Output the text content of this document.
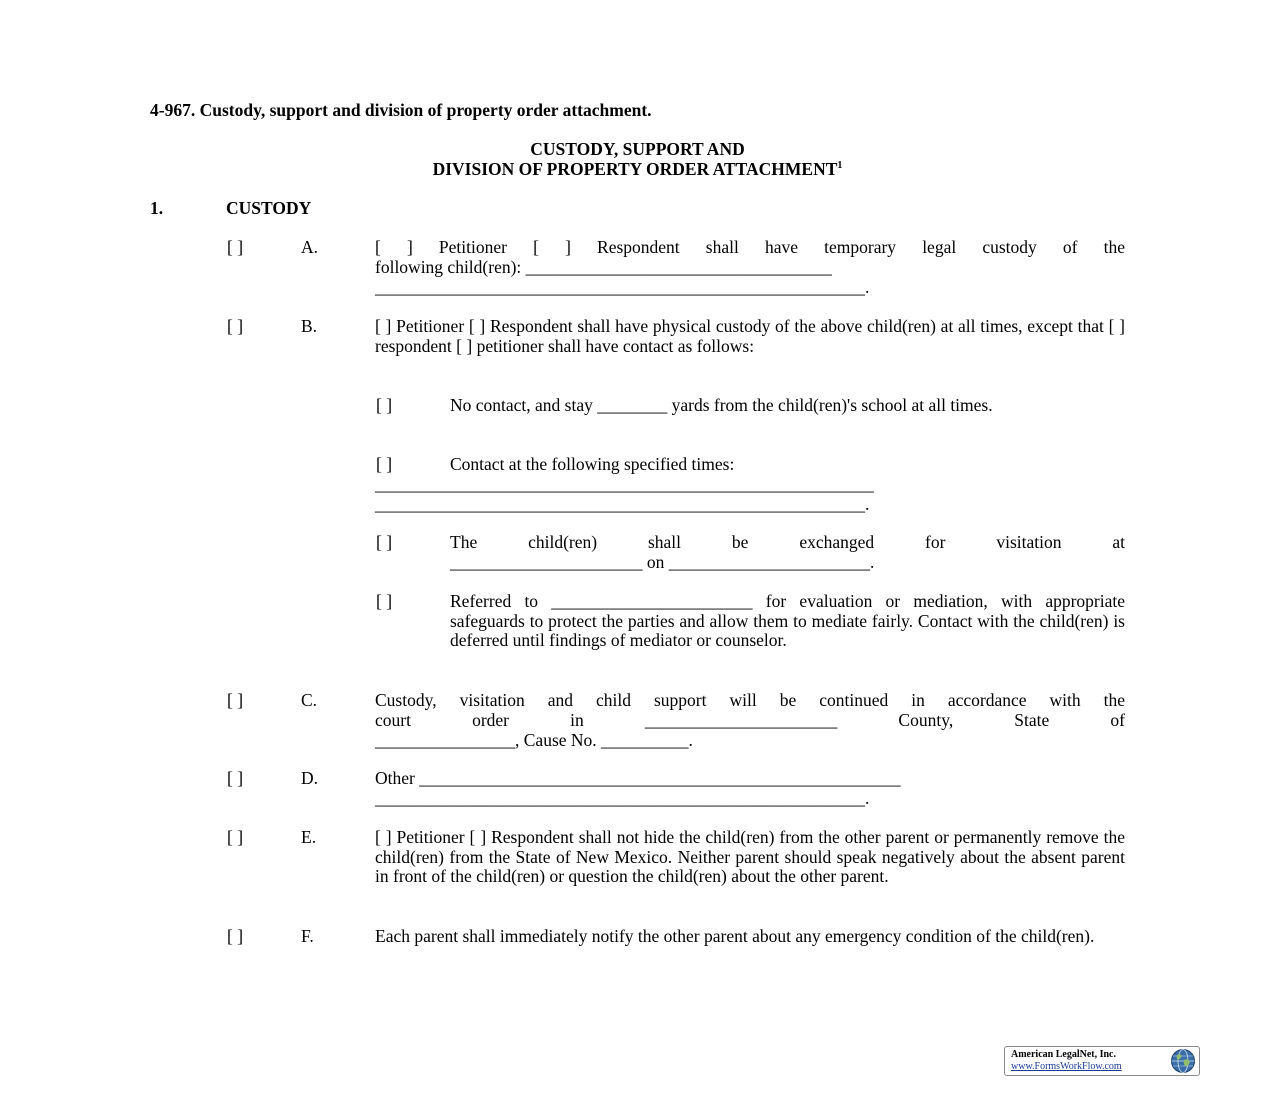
4-967. Custody, support and division of property order attachment.
CUSTODY, SUPPORT AND
DIVISION OF PROPERTY ORDER ATTACHMENT$^1$
1.	CUSTODY
[ ]	A.	[ ] Petitioner [ ] Respondent shall have temporary legal custody of the
following child(ren): ___________________________________
________________________________________________________.
[ ]	B.	[ ] Petitioner [ ] Respondent shall have physical custody of the above child(ren) at all times, except that [ ] respondent [ ] petitioner shall have contact as follows:
[ ]	No contact, and stay ________ yards from the child(ren)'s school at all times.
[ ]	Contact at the following specified times:
_________________________________________________________
________________________________________________________.
[ ]	The child(ren) shall be exchanged for visitation at
______________________ on _______________________.
[ ]	Referred to _______________________ for evaluation or mediation, with appropriate safeguards to protect the parties and allow them to mediate fairly. Contact with the child(ren) is deferred until findings of mediator or counselor.
[ ]	C.	Custody, visitation and child support will be continued in accordance with the
court order in ______________________ County, State of
________________, Cause No. __________.
[ ]	D.	Other _______________________________________________________
________________________________________________________.
[ ]	E.	[ ] Petitioner [ ] Respondent shall not hide the child(ren) from the other parent or permanently remove the child(ren) from the State of New Mexico. Neither parent should speak negatively about the absent parent in front of the child(ren) or question the child(ren) about the other parent.
[ ]	F.	Each parent shall immediately notify the other parent about any emergency condition of the child(ren).
American LegalNet, Inc.
www.FormsWorkFlow.com
